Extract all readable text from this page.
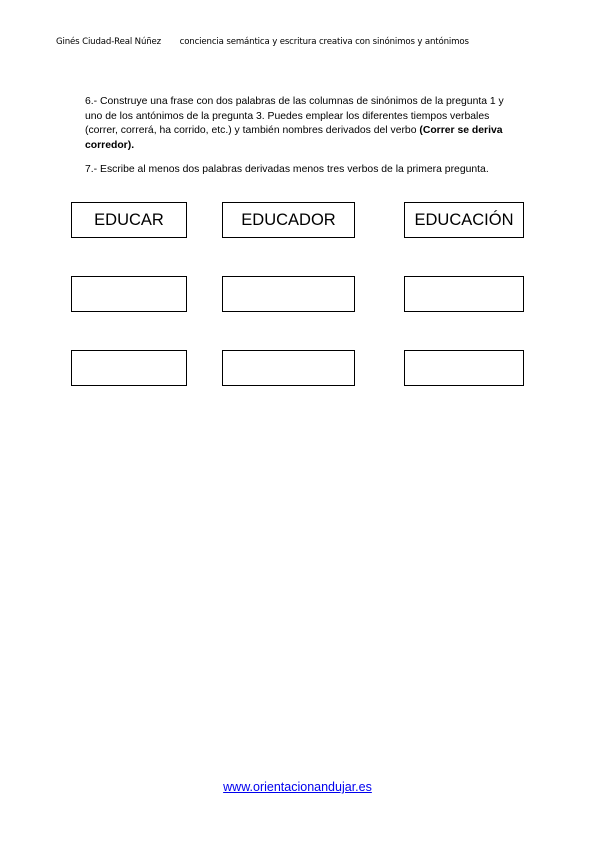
Ginés Ciudad-Real Núñez conciencia semántica y escritura creativa con sinónimos y antónimos
6.- Construye una frase con dos palabras de las columnas de sinónimos de la pregunta 1 y uno de los antónimos de la pregunta 3. Puedes emplear los diferentes tiempos verbales (correr, correrá, ha corrido, etc.) y también nombres derivados del verbo (Correr se deriva corredor).
7.- Escribe al menos dos palabras derivadas menos tres verbos de la primera pregunta.
EDUCAR	EDUCADOR	EDUCACIÓN
www.orientacionandujar.es
